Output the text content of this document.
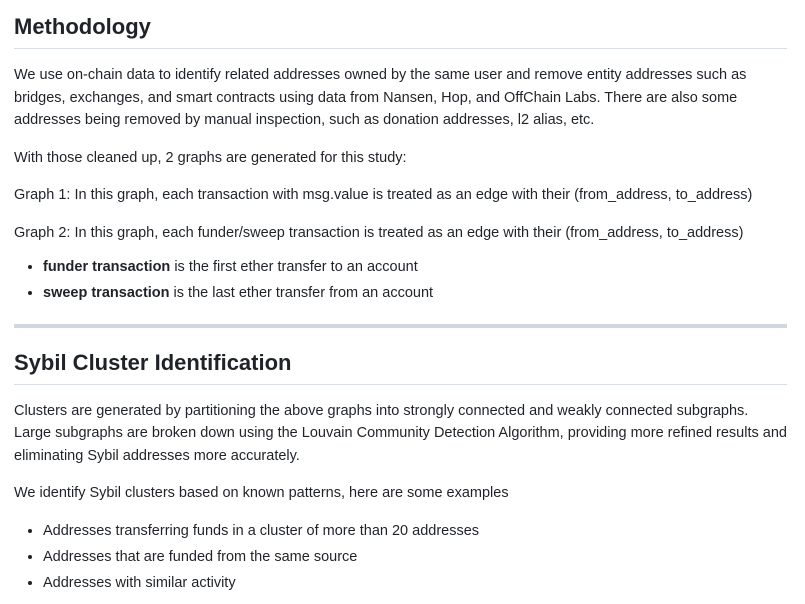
Methodology

We use on-chain data to identify related addresses owned by the same user and remove entity addresses such as bridges, exchanges, and smart contracts using data from Nansen, Hop, and OffChain Labs. There are also some addresses being removed by manual inspection, such as donation addresses, l2 alias, etc.

With those cleaned up, 2 graphs are generated for this study:

Graph 1: In this graph, each transaction with msg.value is treated as an edge with their (from_address, to_address)

Graph 2: In this graph, each funder/sweep transaction is treated as an edge with their (from_address, to_address)

• funder transaction is the first ether transfer to an account
• sweep transaction is the last ether transfer from an account
Sybil Cluster Identification

Clusters are generated by partitioning the above graphs into strongly connected and weakly connected subgraphs. Large subgraphs are broken down using the Louvain Community Detection Algorithm, providing more refined results and eliminating Sybil addresses more accurately.

We identify Sybil clusters based on known patterns, here are some examples

• Addresses transferring funds in a cluster of more than 20 addresses
• Addresses that are funded from the same source
• Addresses with similar activity
